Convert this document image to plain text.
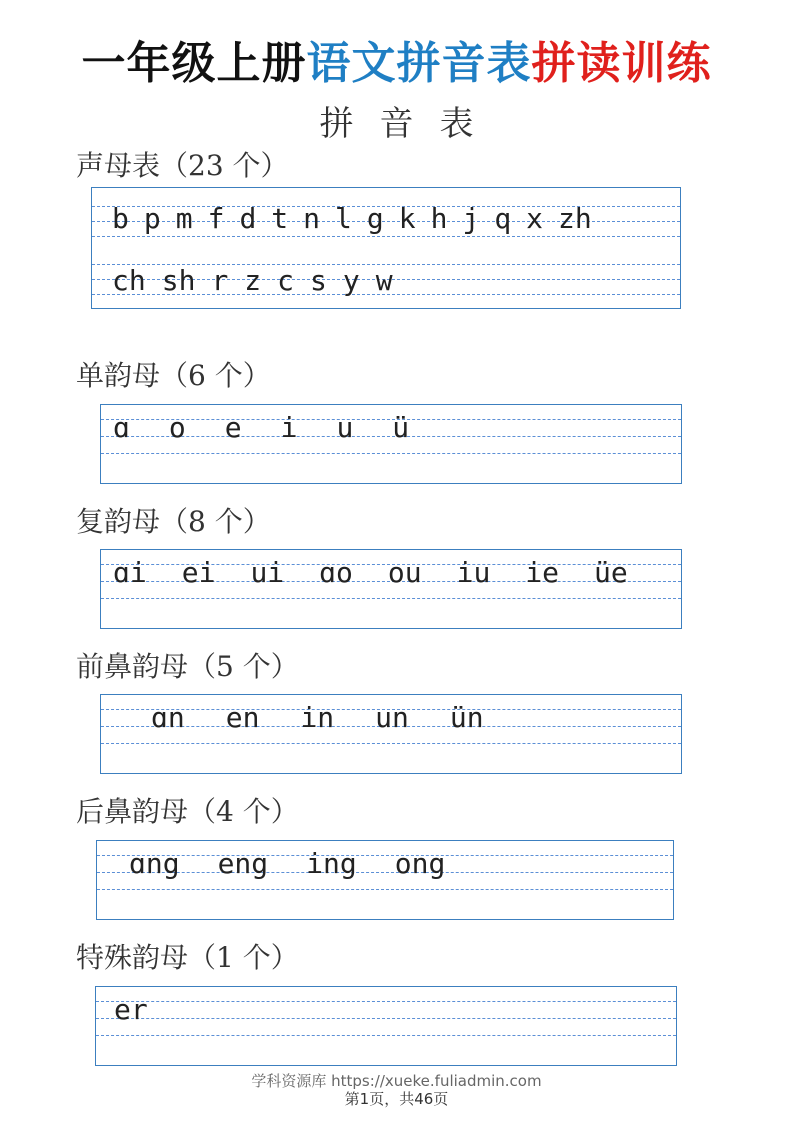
一年级上册语文拼音表拼读训练
拼音表
声母表（23 个）
b p m f d t n l g k h j q x zh
ch sh r z c s y w
单韵母（6 个）
ɑ o e i u ü
复韵母（8 个）
ɑi ei ui ɑo ou iu ie üe
前鼻韵母（5 个）
ɑn en in un ün
后鼻韵母（4 个）
ɑng eng ing ong
特殊韵母（1 个）
er
学科资源库 https://xueke.fuliadmin.com
第1页，共46页
